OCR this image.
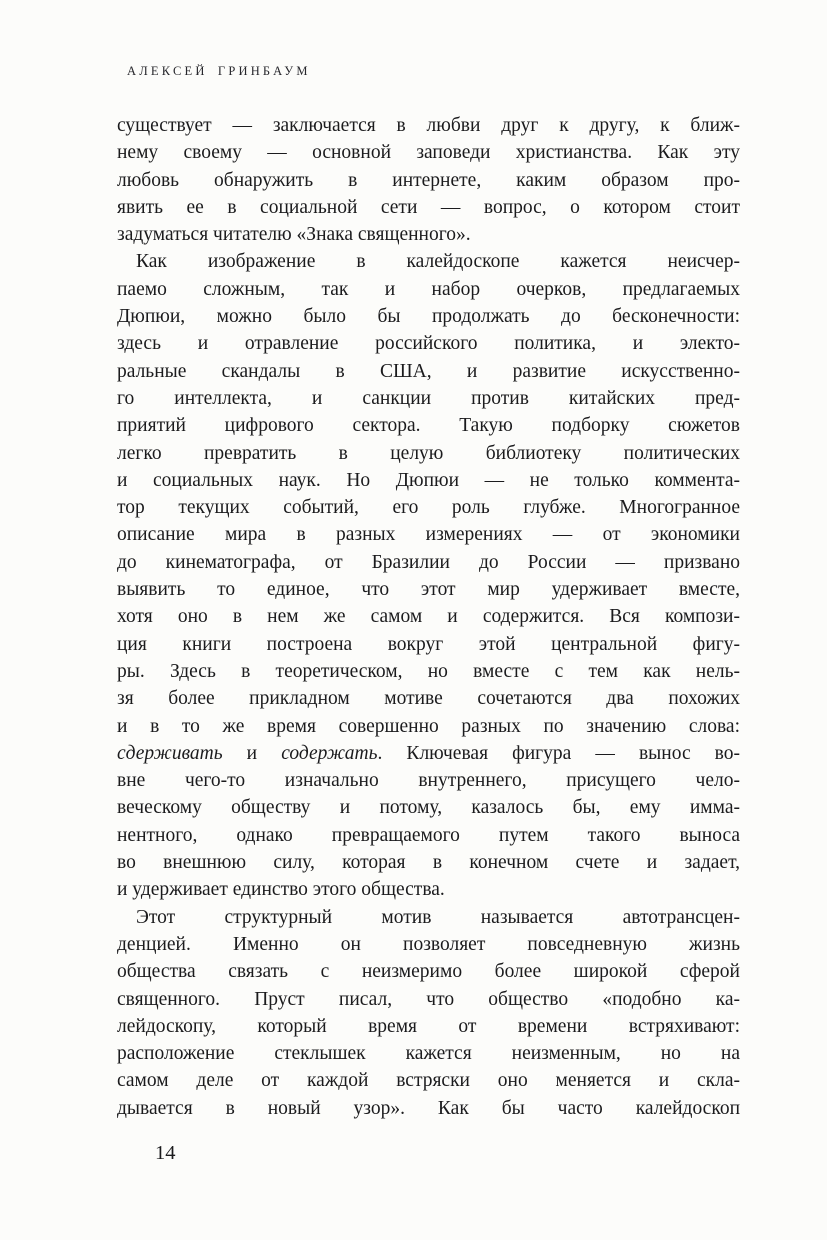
АЛЕКСЕЙ ГРИНБАУМ
существует — заключается в любви друг к другу, к ближ-
нему своему — основной заповеди христианства. Как эту
любовь обнаружить в интернете, каким образом про-
явить ее в социальной сети — вопрос, о котором стоит
задуматься читателю «Знака священного».
Как изображение в калейдоскопе кажется неисчер-
паемо сложным, так и набор очерков, предлагаемых
Дюпюи, можно было бы продолжать до бесконечности:
здесь и отравление российского политика, и электо-
ральные скандалы в США, и развитие искусственно-
го интеллекта, и санкции против китайских пред-
приятий цифрового сектора. Такую подборку сюжетов
легко превратить в целую библиотеку политических
и социальных наук. Но Дюпюи — не только коммента-
тор текущих событий, его роль глубже. Многогранное
описание мира в разных измерениях — от экономики
до кинематографа, от Бразилии до России — призвано
выявить то единое, что этот мир удерживает вместе,
хотя оно в нем же самом и содержится. Вся компози-
ция книги построена вокруг этой центральной фигу-
ры. Здесь в теоретическом, но вместе с тем как нель-
зя более прикладном мотиве сочетаются два похожих
и в то же время совершенно разных по значению слова:
сдерживать и содержать. Ключевая фигура — вынос во-
вне чего-то изначально внутреннего, присущего чело-
веческому обществу и потому, казалось бы, ему имма-
нентного, однако превращаемого путем такого выноса
во внешнюю силу, которая в конечном счете и задает,
и удерживает единство этого общества.
Этот структурный мотив называется автотрансцен-
денцией. Именно он позволяет повседневную жизнь
общества связать с неизмеримо более широкой сферой
священного. Пруст писал, что общество «подобно ка-
лейдоскопу, который время от времени встряхивают:
расположение стеклышек кажется неизменным, но на
самом деле от каждой встряски оно меняется и скла-
дывается в новый узор». Как бы часто калейдоскоп
14
